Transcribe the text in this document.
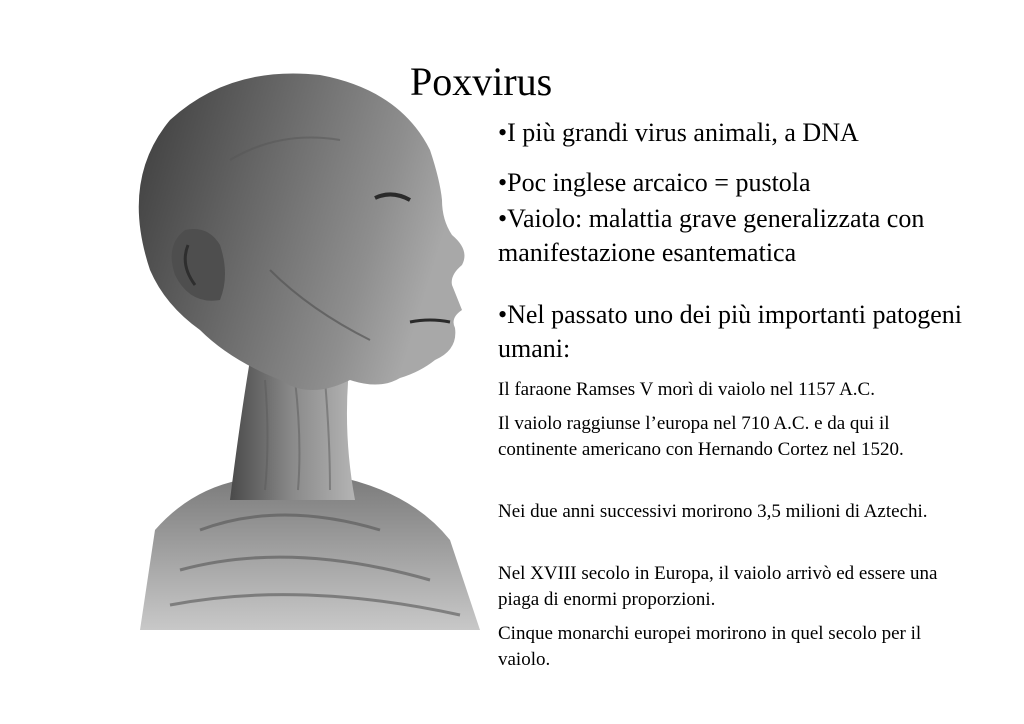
Poxvirus
•I più grandi virus animali, a DNA
•Poc inglese arcaico = pustola
•Vaiolo: malattia grave generalizzata con manifestazione esantematica
•Nel passato uno dei più importanti patogeni umani:
Il faraone Ramses V morì di vaiolo nel 1157 A.C.
Il vaiolo raggiunse l’europa nel 710 A.C. e da qui il continente americano con Hernando Cortez nel 1520.
Nei due anni successivi morirono 3,5 milioni di Aztechi.
Nel XVIII secolo in Europa, il vaiolo arrivò ed essere una piaga di enormi proporzioni.
Cinque monarchi europei morirono in quel secolo per il vaiolo.
